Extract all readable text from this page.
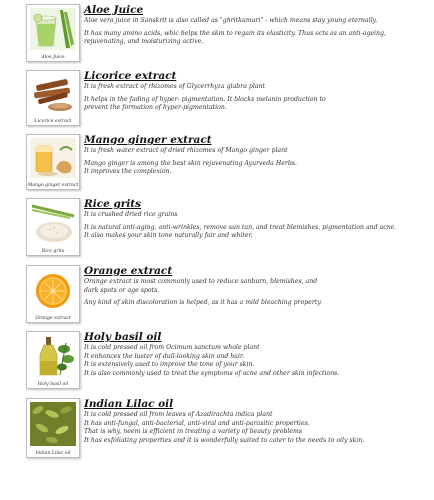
Aloe Juice
Aloe Juice

Aloe vera juice in Sanskrit is also called as "ghritkumari" - which means stay young eternally.

It has many amino acids, whic helps the skin to regain its elasticity. Thus acts as an anti-ageing,

rejuvenating, and moisturizing active.

Licorice extract
Licorice extract

It is fresh extract of rhizomes of Glycerrhyza glabra plant

It helps in the fading of hyper- pigmentation. It blocks melanin production to

prevent the formation of hyper-pigmentation.

Mango ginger extract
Mango ginger extract

It is fresh water extract of dried rhizomes of Mango ginger plant

Mango ginger is among the best skin rejuvenating Ayurveda Herbs.

It improves the complexion.

Rice grits
Rice grits

It is crushed dried rice grains

It is natural anti-aging, anti-wrinkles, remove sun tan, and treat blemishes, pigmentation and acne.

It also makes your skin tone naturally fair and whiter.

Orange extract
Orange extract

Orange extract is most commonly used to reduce sanburn, blemishes, and

dark spots or age spots.

Any kind of skin discoloration is helped, as it has a mild bleaching property.

Holy basil oil
Holy basil oil

It is cold pressed oil from Ocimum sanctum whole plant

It enhances the luster of dull-looking skin and hair.

It is extensively used to improve the tone of your skin.

It is also commonly used to treat the symptoms of acne and other skin infections.

Indian Lilac oil
Indian Lilac oil

It is cold pressed oil from leaves of Azadirachta indica plant

It has anti-fungal, anti-bacterial, anti-viral and anti-parasitic properties.

That is why, neem is efficient in treating a variety of beauty problems

It has exfoliating properties and it is wonderfully suited to cater to the needs to oily skin.
